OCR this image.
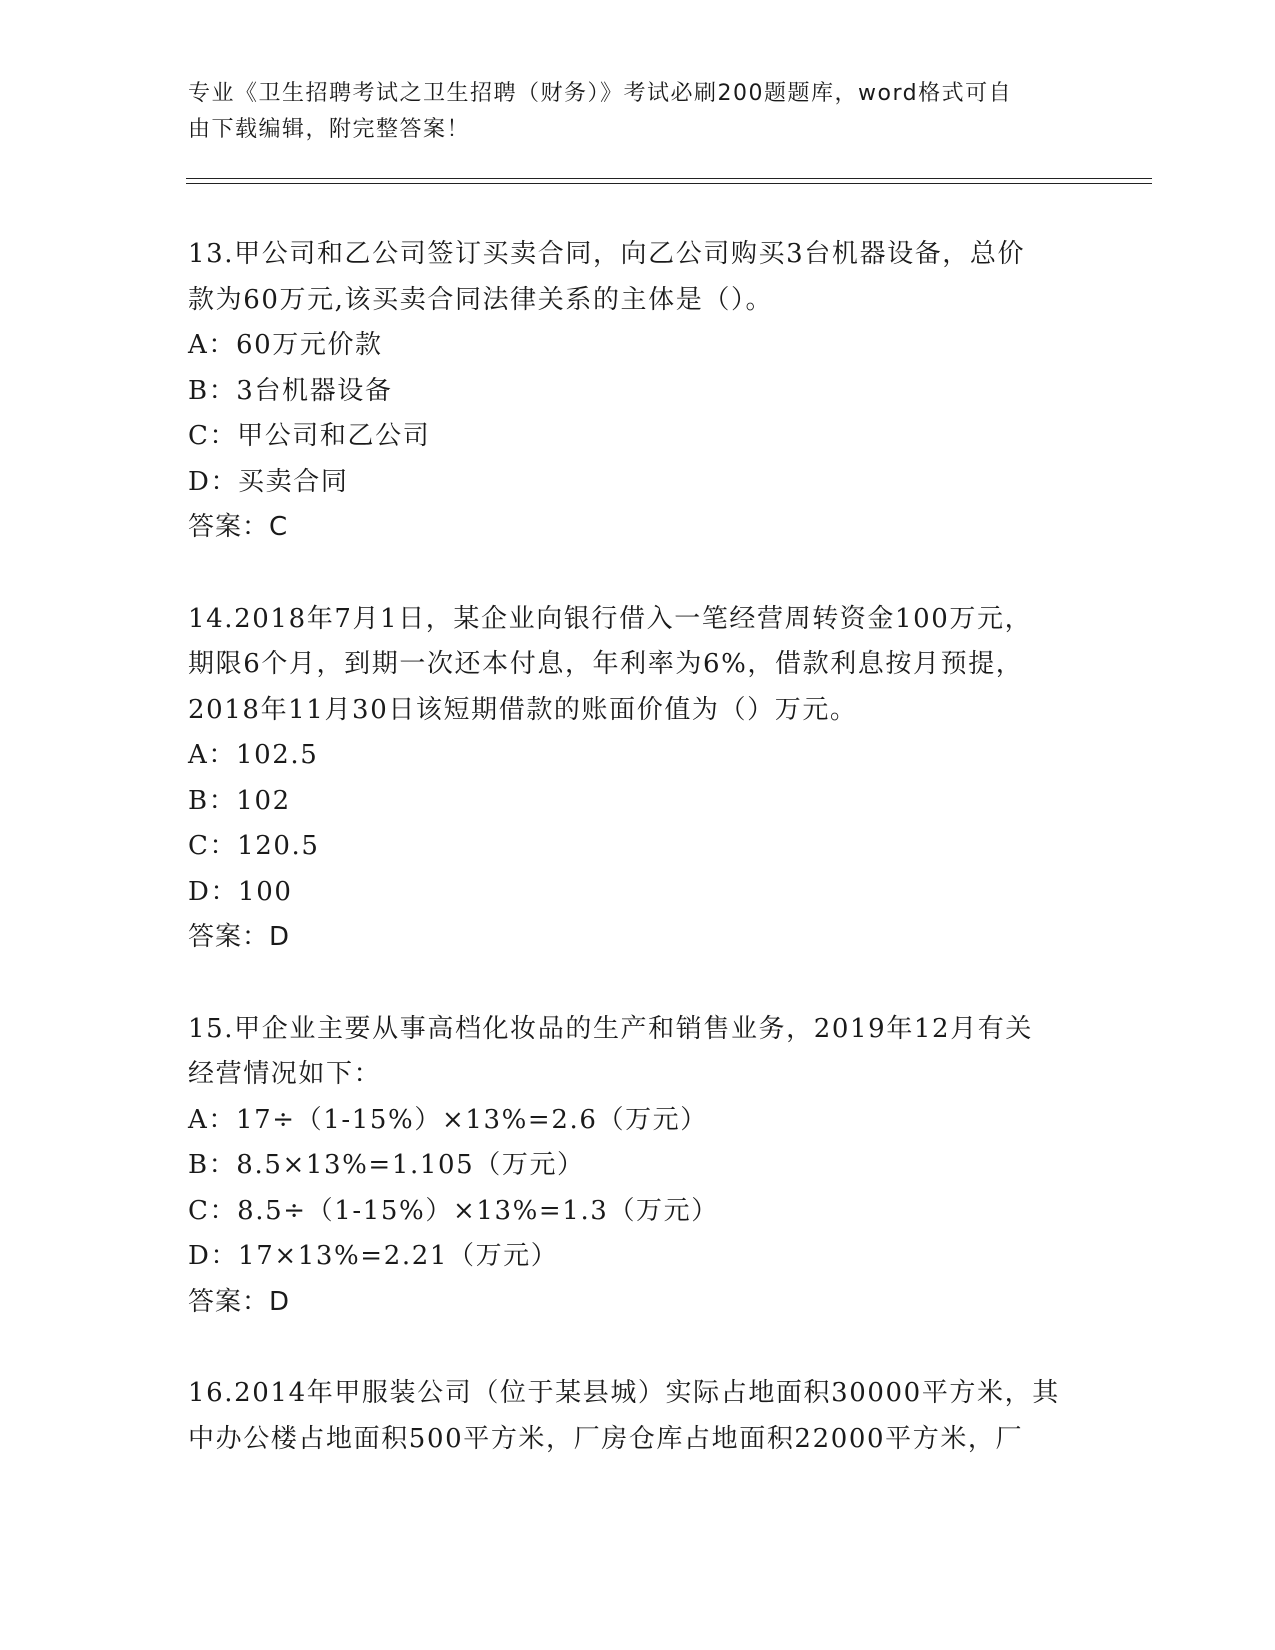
专业《卫生招聘考试之卫生招聘（财务）》考试必刷200题题库，word格式可自
由下载编辑，附完整答案！

13.甲公司和乙公司签订买卖合同，向乙公司购买3台机器设备，总价

款为60万元,该买卖合同法律关系的主体是（）。

A：60万元价款

B：3台机器设备

C：甲公司和乙公司

D：买卖合同

答案：C

14.2018年7月1日，某企业向银行借入一笔经营周转资金100万元，

期限6个月，到期一次还本付息，年利率为6%，借款利息按月预提，

2018年11月30日该短期借款的账面价值为（）万元。

A：102.5

B：102

C：120.5

D：100

答案：D

15.甲企业主要从事高档化妆品的生产和销售业务，2019年12月有关

经营情况如下：

A：17÷（1-15%）×13%=2.6（万元）

B：8.5×13%=1.105（万元）

C：8.5÷（1-15%）×13%=1.3（万元）

D：17×13%=2.21（万元）

答案：D

16.2014年甲服装公司（位于某县城）实际占地面积30000平方米，其

中办公楼占地面积500平方米，厂房仓库占地面积22000平方米，厂
